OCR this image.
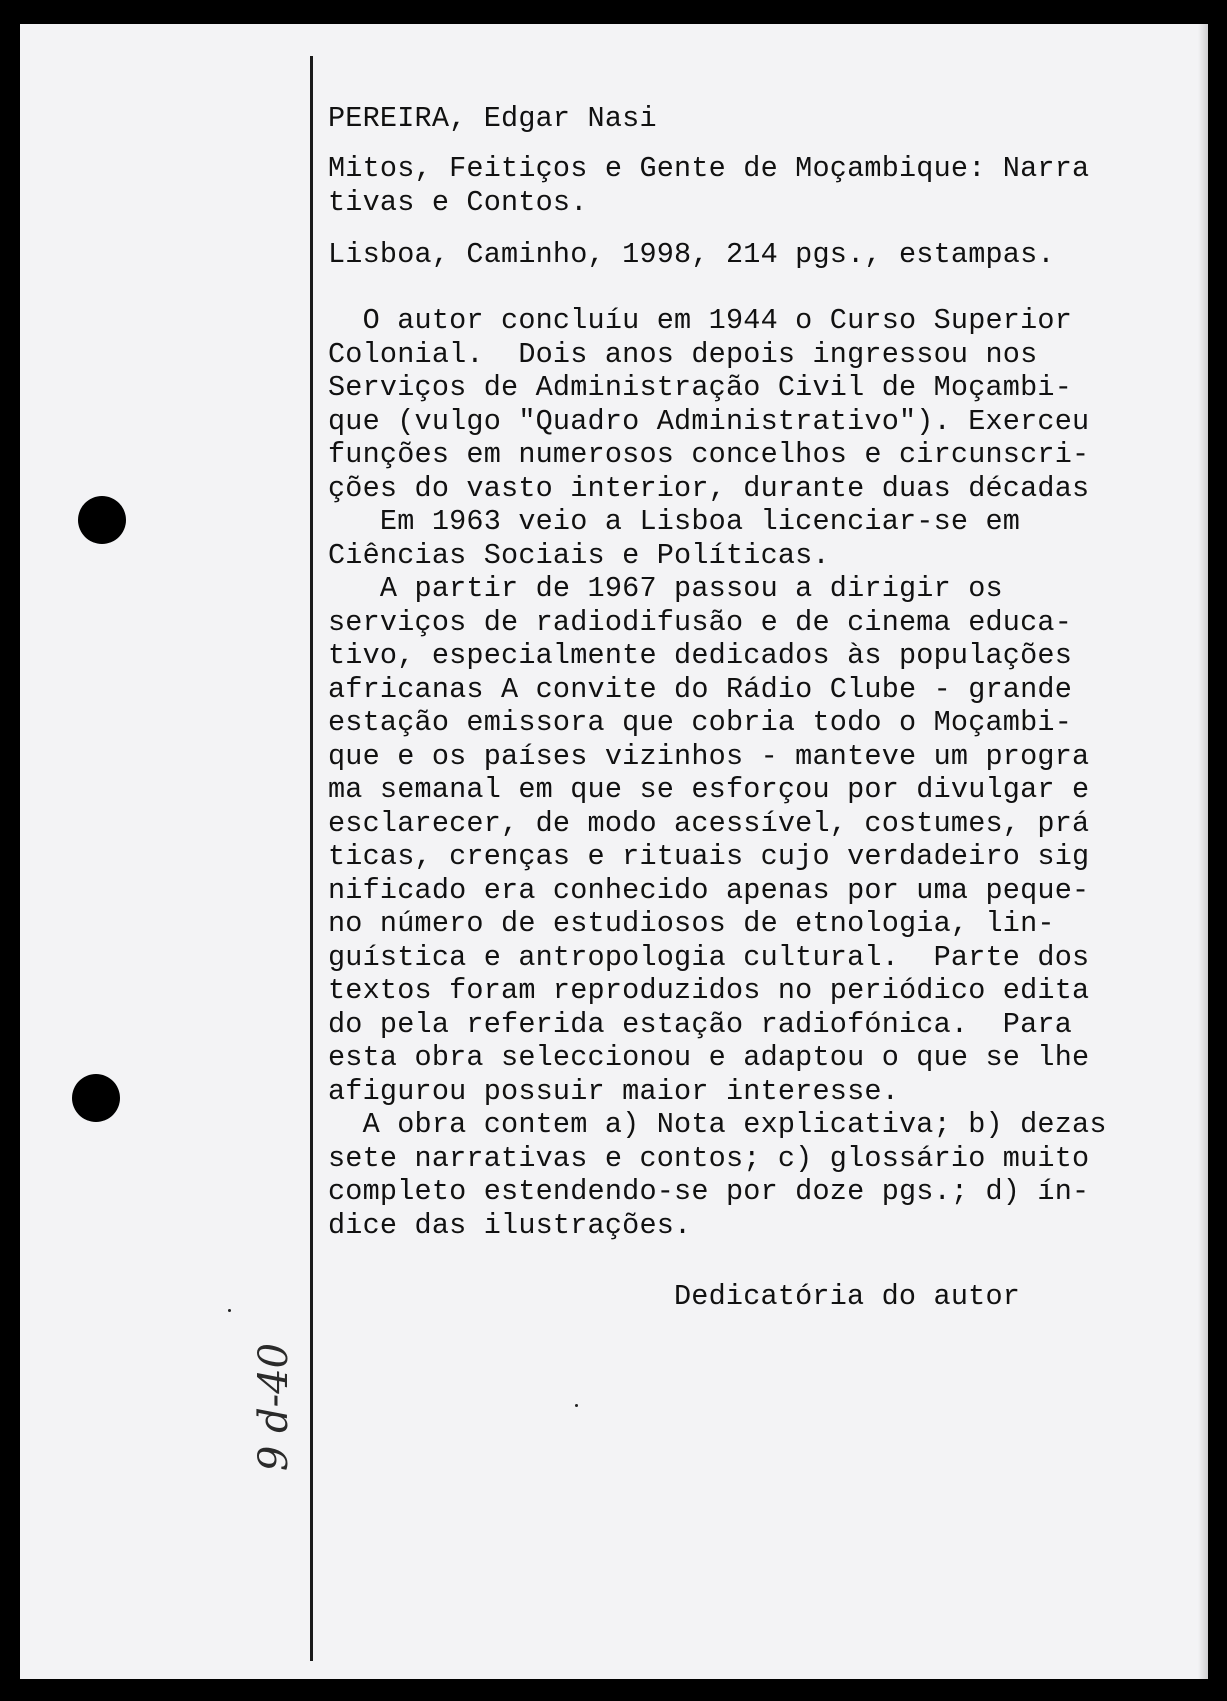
PEREIRA, Edgar Nasi
Mitos, Feitiços e Gente de Moçambique: Narra
tivas e Contos.
Lisboa, Caminho, 1998, 214 pgs., estampas.
O autor concluíu em 1944 o Curso Superior
Colonial.  Dois anos depois ingressou nos
Serviços de Administração Civil de Moçambi-
que (vulgo "Quadro Administrativo"). Exerceu
funções em numerosos concelhos e circunscri-
ções do vasto interior, durante duas décadas
Em 1963 veio a Lisboa licenciar-se em
Ciências Sociais e Políticas.
A partir de 1967 passou a dirigir os
serviços de radiodifusão e de cinema educa-
tivo, especialmente dedicados às populações
africanas A convite do Rádio Clube - grande
estação emissora que cobria todo o Moçambi-
que e os países vizinhos - manteve um progra
ma semanal em que se esforçou por divulgar e
esclarecer, de modo acessível, costumes, prá
ticas, crenças e rituais cujo verdadeiro sig
nificado era conhecido apenas por uma peque-
no número de estudiosos de etnologia, lin-
guística e antropologia cultural.  Parte dos
textos foram reproduzidos no periódico edita
do pela referida estação radiofónica.  Para
esta obra seleccionou e adaptou o que se lhe
afigurou possuir maior interesse.
A obra contem a) Nota explicativa; b) dezas
sete narrativas e contos; c) glossário muito
completo estendendo-se por doze pgs.; d) ín-
dice das ilustrações.
Dedicatória do autor
9 d-40
